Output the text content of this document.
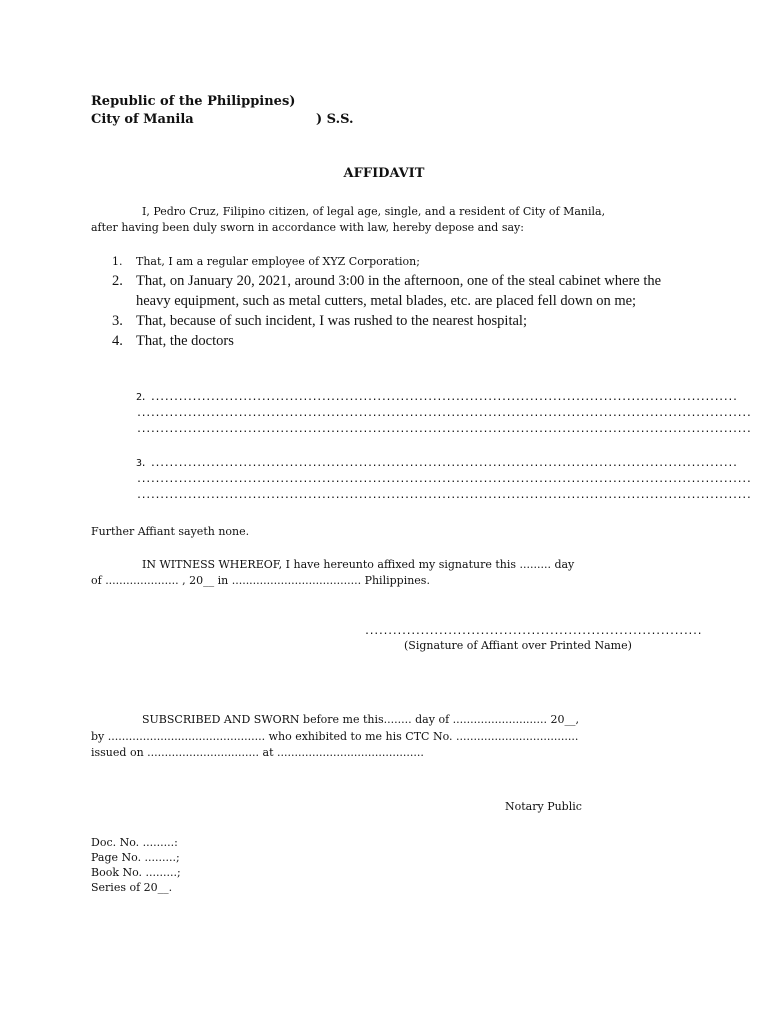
Republic of the Philippines)
City of Manila	) S.S.
AFFIDAVIT
I, Pedro Cruz, Filipino citizen, of legal age, single, and a resident of City of Manila,
after having been duly sworn in accordance with law, hereby depose and say:
1. That, I am a regular employee of XYZ Corporation;
2. That, on January 20, 2021, around 3:00 in the afternoon, one of the steal cabinet where the heavy equipment, such as metal cutters, metal blades, etc. are placed fell down on me;
3. That, because of such incident, I was rushed to the nearest hospital;
4. That, the doctors
2. ...............................................................................................................................
.....................................................................................................................................
.....................................................................................................................................
3. ...............................................................................................................................
.....................................................................................................................................
.....................................................................................................................................
Further Affiant sayeth none.
IN WITNESS WHEREOF, I have hereunto affixed my signature this ......... day
of ..................... , 20__ in ..................................... Philippines.
.........................................................................
(Signature of Affiant over Printed Name)
SUBSCRIBED AND SWORN before me this........ day of ........................... 20__,
by ............................................. who exhibited to me his CTC No. ...................................
issued on ................................ at ..........................................
Notary Public
Doc. No. .........:
Page No. .........;
Book No. .........;
Series of 20__.
